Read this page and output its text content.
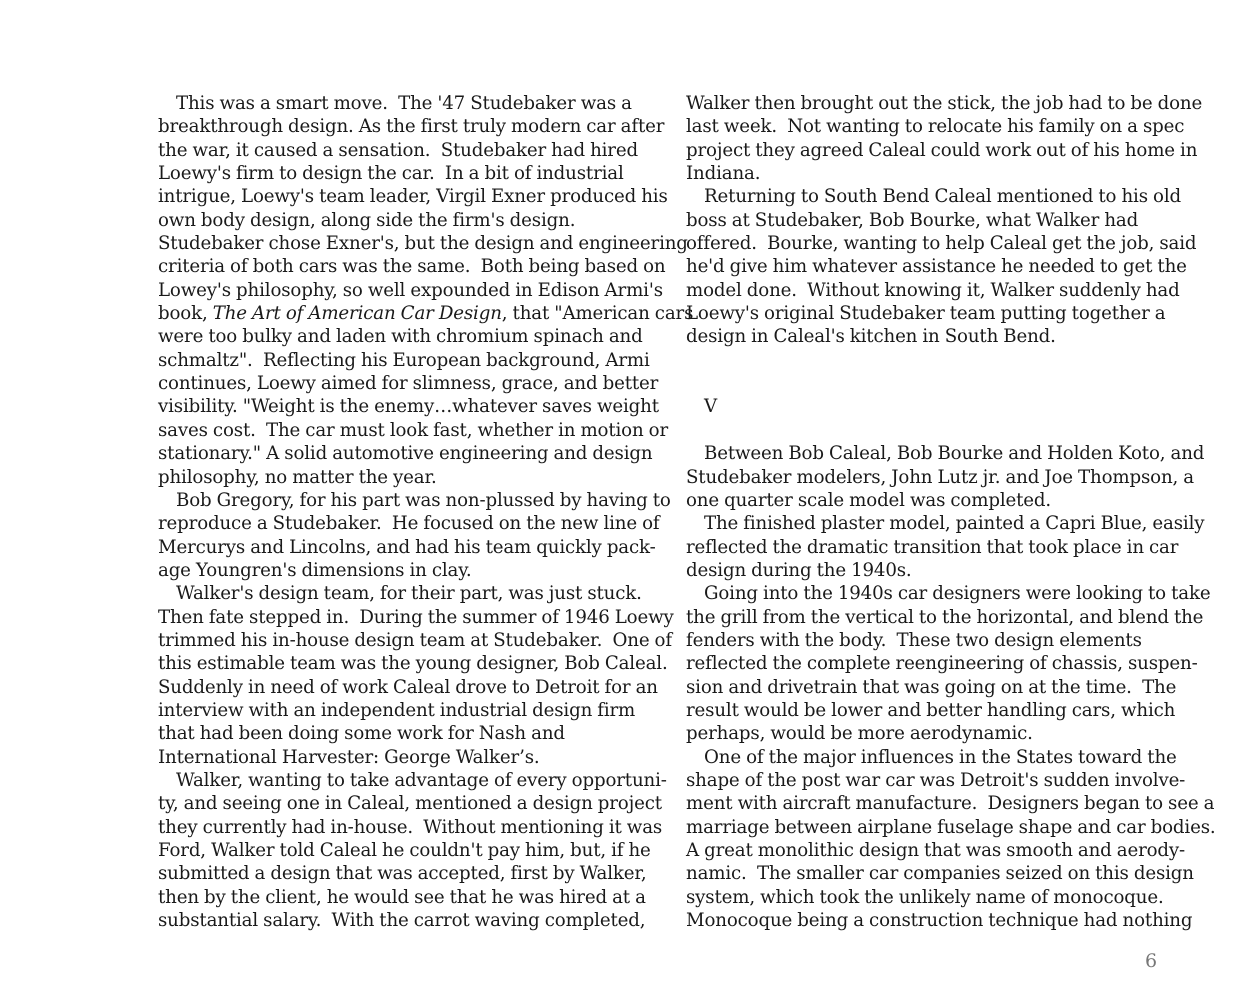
This was a smart move.  The '47 Studebaker was a
breakthrough design. As the first truly modern car after
the war, it caused a sensation.  Studebaker had hired
Loewy's firm to design the car.  In a bit of industrial
intrigue, Loewy's team leader, Virgil Exner produced his
own body design, along side the firm's design.
Studebaker chose Exner's, but the design and engineering
criteria of both cars was the same.  Both being based on
Lowey's philosophy, so well expounded in Edison Armi's
book, The Art of American Car Design, that "American cars
were too bulky and laden with chromium spinach and
schmaltz".  Reflecting his European background, Armi
continues, Loewy aimed for slimness, grace, and better
visibility. "Weight is the enemy…whatever saves weight
saves cost.  The car must look fast, whether in motion or
stationary." A solid automotive engineering and design
philosophy, no matter the year.
Bob Gregory, for his part was non-plussed by having to
reproduce a Studebaker.  He focused on the new line of
Mercurys and Lincolns, and had his team quickly pack-
age Youngren's dimensions in clay.
Walker's design team, for their part, was just stuck.
Then fate stepped in.  During the summer of 1946 Loewy
trimmed his in-house design team at Studebaker.  One of
this estimable team was the young designer, Bob Caleal.
Suddenly in need of work Caleal drove to Detroit for an
interview with an independent industrial design firm
that had been doing some work for Nash and
International Harvester: George Walker’s.
Walker, wanting to take advantage of every opportuni-
ty, and seeing one in Caleal, mentioned a design project
they currently had in-house.  Without mentioning it was
Ford, Walker told Caleal he couldn't pay him, but, if he
submitted a design that was accepted, first by Walker,
then by the client, he would see that he was hired at a
substantial salary.  With the carrot waving completed,
Walker then brought out the stick, the job had to be done
last week.  Not wanting to relocate his family on a spec
project they agreed Caleal could work out of his home in
Indiana.
Returning to South Bend Caleal mentioned to his old
boss at Studebaker, Bob Bourke, what Walker had
offered.  Bourke, wanting to help Caleal get the job, said
he'd give him whatever assistance he needed to get the
model done.  Without knowing it, Walker suddenly had
Loewy's original Studebaker team putting together a
design in Caleal's kitchen in South Bend.
V
Between Bob Caleal, Bob Bourke and Holden Koto, and
Studebaker modelers, John Lutz jr. and Joe Thompson, a
one quarter scale model was completed.
The finished plaster model, painted a Capri Blue, easily
reflected the dramatic transition that took place in car
design during the 1940s.
Going into the 1940s car designers were looking to take
the grill from the vertical to the horizontal, and blend the
fenders with the body.  These two design elements
reflected the complete reengineering of chassis, suspen-
sion and drivetrain that was going on at the time.  The
result would be lower and better handling cars, which
perhaps, would be more aerodynamic.
One of the major influences in the States toward the
shape of the post war car was Detroit's sudden involve-
ment with aircraft manufacture.  Designers began to see a
marriage between airplane fuselage shape and car bodies.
A great monolithic design that was smooth and aerody-
namic.  The smaller car companies seized on this design
system, which took the unlikely name of monocoque.
Monocoque being a construction technique had nothing
6
